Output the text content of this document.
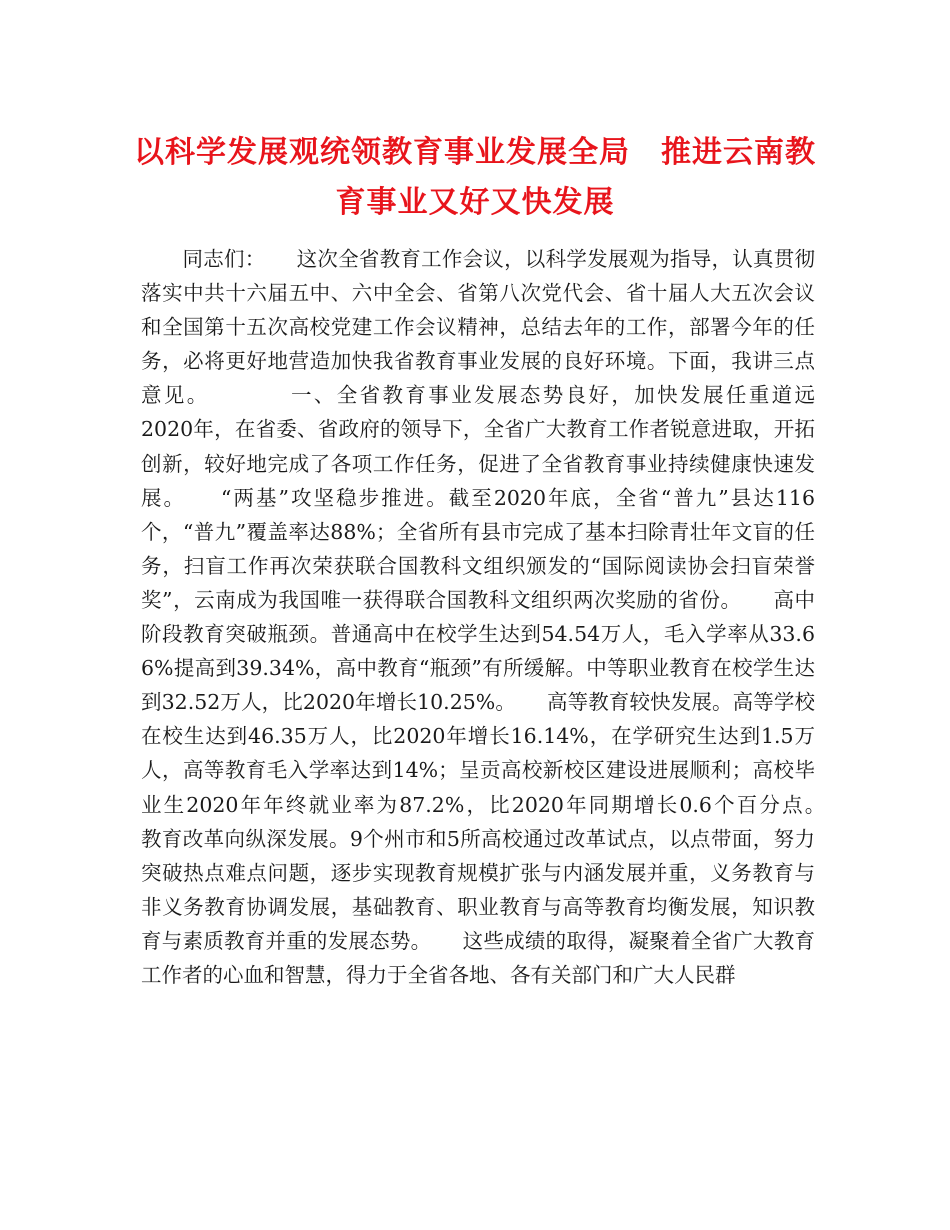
以科学发展观统领教育事业发展全局　推进云南教育事业又好又快发展

　　同志们：　　这次全省教育工作会议，以科学发展观为指导，认真贯彻落实中共十六届五中、六中全会、省第八次党代会、省十届人大五次会议和全国第十五次高校党建工作会议精神，总结去年的工作，部署今年的任务，必将更好地营造加快我省教育事业发展的良好环境。下面，我讲三点意见。　　　　一、全省教育事业发展态势良好，加快发展任重道远　　　　2020年，在省委、省政府的领导下，全省广大教育工作者锐意进取，开拓创新，较好地完成了各项工作任务，促进了全省教育事业持续健康快速发展。　　“两基”攻坚稳步推进。截至2020年底，全省“普九”县达116个，“普九”覆盖率达88%；全省所有县市完成了基本扫除青壮年文盲的任务，扫盲工作再次荣获联合国教科文组织颁发的“国际阅读协会扫盲荣誉奖”，云南成为我国唯一获得联合国教科文组织两次奖励的省份。　　高中阶段教育突破瓶颈。普通高中在校学生达到54.54万人，毛入学率从33.66%提高到39.34%，高中教育“瓶颈”有所缓解。中等职业教育在校学生达到32.52万人，比2020年增长10.25%。　　高等教育较快发展。高等学校在校生达到46.35万人，比2020年增长16.14%，在学研究生达到1.5万人，高等教育毛入学率达到14%；呈贡高校新校区建设进展顺利；高校毕业生2020年年终就业率为87.2%，比2020年同期增长0.6个百分点。　　教育改革向纵深发展。9个州市和5所高校通过改革试点，以点带面，努力突破热点难点问题，逐步实现教育规模扩张与内涵发展并重，义务教育与非义务教育协调发展，基础教育、职业教育与高等教育均衡发展，知识教育与素质教育并重的发展态势。　　这些成绩的取得，凝聚着全省广大教育工作者的心血和智慧，得力于全省各地、各有关部门和广大人民群
